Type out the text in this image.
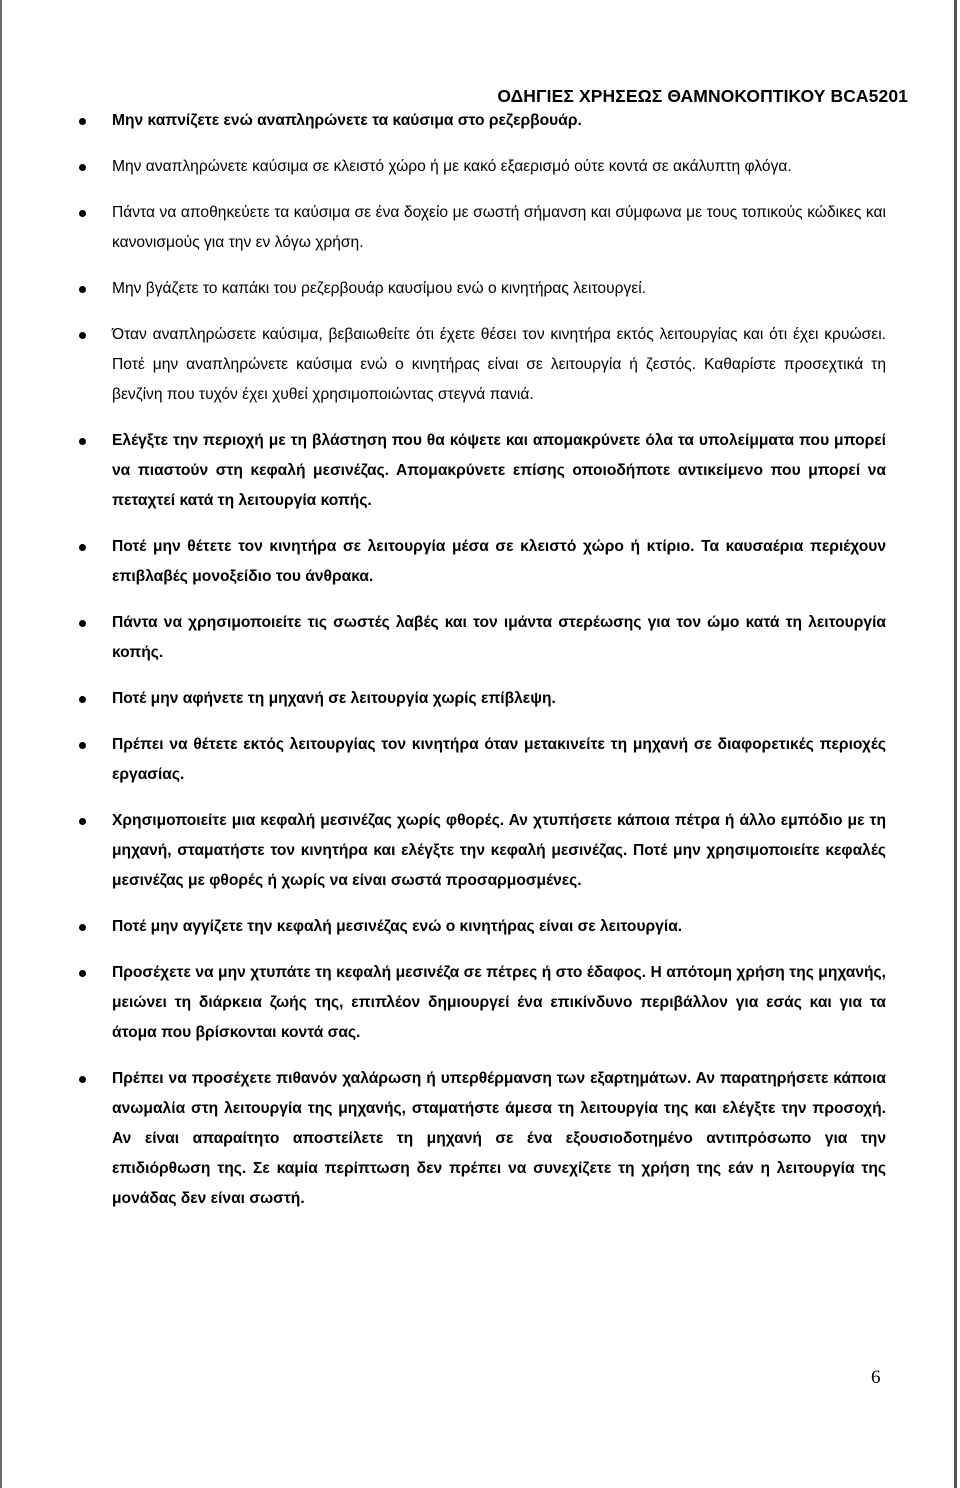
ΟΔΗΓΙΕΣ ΧΡΗΣΕΩΣ ΘΑΜΝΟΚΟΠΤΙΚΟΥ BCA5201
Μην καπνίζετε ενώ αναπληρώνετε τα καύσιμα στο ρεζερβουάρ.
Μην αναπληρώνετε καύσιμα σε κλειστό χώρο ή με κακό εξαερισμό ούτε κοντά σε ακάλυπτη φλόγα.
Πάντα να αποθηκεύετε τα καύσιμα σε ένα δοχείο με σωστή σήμανση και σύμφωνα με τους τοπικούς κώδικες και κανονισμούς για την εν λόγω χρήση.
Μην βγάζετε το καπάκι του ρεζερβουάρ καυσίμου ενώ ο κινητήρας λειτουργεί.
Όταν αναπληρώσετε καύσιμα, βεβαιωθείτε ότι έχετε θέσει τον κινητήρα εκτός λειτουργίας και ότι έχει κρυώσει. Ποτέ μην αναπληρώνετε καύσιμα ενώ ο κινητήρας είναι σε λειτουργία ή ζεστός. Καθαρίστε προσεχτικά τη βενζίνη που τυχόν έχει χυθεί χρησιμοποιώντας στεγνά πανιά.
Ελέγξτε την περιοχή με τη βλάστηση που θα κόψετε και απομακρύνετε όλα τα υπολείμματα που μπορεί να πιαστούν στη κεφαλή μεσινέζας. Απομακρύνετε επίσης οποιοδήποτε αντικείμενο που μπορεί να πεταχτεί κατά τη λειτουργία κοπής.
Ποτέ μην θέτετε τον κινητήρα σε λειτουργία μέσα σε κλειστό χώρο ή κτίριο. Τα καυσαέρια περιέχουν επιβλαβές μονοξείδιο του άνθρακα.
Πάντα να χρησιμοποιείτε τις σωστές λαβές και τον ιμάντα στερέωσης για τον ώμο κατά τη λειτουργία κοπής.
Ποτέ μην αφήνετε τη μηχανή σε λειτουργία χωρίς επίβλεψη.
Πρέπει να θέτετε εκτός λειτουργίας τον κινητήρα όταν μετακινείτε τη μηχανή σε διαφορετικές περιοχές εργασίας.
Χρησιμοποιείτε μια κεφαλή μεσινέζας χωρίς φθορές. Αν χτυπήσετε κάποια πέτρα ή άλλο εμπόδιο με τη μηχανή, σταματήστε τον κινητήρα και ελέγξτε την κεφαλή μεσινέζας. Ποτέ μην χρησιμοποιείτε κεφαλές μεσινέζας με φθορές ή χωρίς να είναι σωστά προσαρμοσμένες.
Ποτέ μην αγγίζετε την κεφαλή μεσινέζας ενώ ο κινητήρας είναι σε λειτουργία.
Προσέχετε να μην χτυπάτε τη κεφαλή μεσινέζα σε πέτρες ή στο έδαφος. Η απότομη χρήση της μηχανής, μειώνει τη διάρκεια ζωής της, επιπλέον δημιουργεί ένα επικίνδυνο περιβάλλον για εσάς και για τα άτομα που βρίσκονται κοντά σας.
Πρέπει να προσέχετε πιθανόν χαλάρωση ή υπερθέρμανση των εξαρτημάτων. Αν παρατηρήσετε κάποια ανωμαλία στη λειτουργία της μηχανής, σταματήστε άμεσα τη λειτουργία της και ελέγξτε την προσοχή. Αν είναι απαραίτητο αποστείλετε τη μηχανή σε ένα εξουσιοδοτημένο αντιπρόσωπο για την επιδιόρθωση της. Σε καμία περίπτωση δεν πρέπει να συνεχίζετε τη χρήση της εάν η λειτουργία της μονάδας δεν είναι σωστή.
6
